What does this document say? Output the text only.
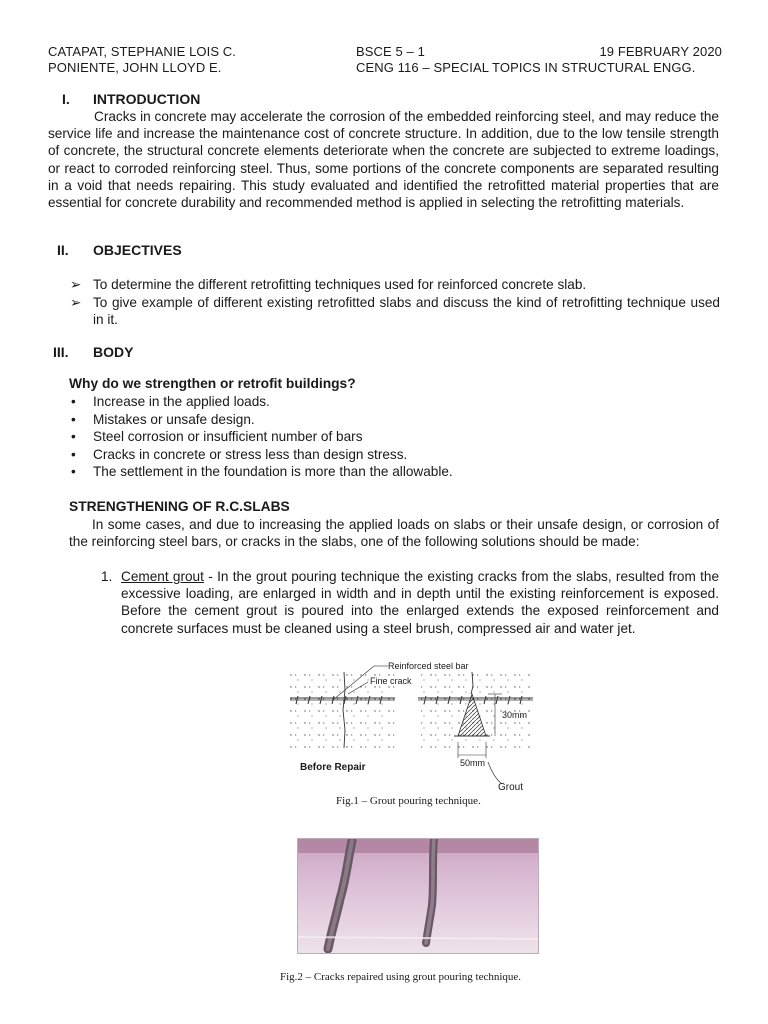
CATAPAT, STEPHANIE LOIS C.
PONIENTE, JOHN LLOYD E.
BSCE 5 – 1
CENG 116 – SPECIAL TOPICS IN STRUCTURAL ENGG.
19 FEBRUARY 2020
I. INTRODUCTION
Cracks in concrete may accelerate the corrosion of the embedded reinforcing steel, and may reduce the service life and increase the maintenance cost of concrete structure. In addition, due to the low tensile strength of concrete, the structural concrete elements deteriorate when the concrete are subjected to extreme loadings, or react to corroded reinforcing steel. Thus, some portions of the concrete components are separated resulting in a void that needs repairing. This study evaluated and identified the retrofitted material properties that are essential for concrete durability and recommended method is applied in selecting the retrofitting materials.
II. OBJECTIVES
➢ To determine the different retrofitting techniques used for reinforced concrete slab.
➢ To give example of different existing retrofitted slabs and discuss the kind of retrofitting technique used in it.
III. BODY
Why do we strengthen or retrofit buildings?
• Increase in the applied loads.
• Mistakes or unsafe design.
• Steel corrosion or insufficient number of bars
• Cracks in concrete or stress less than design stress.
• The settlement in the foundation is more than the allowable.
STRENGTHENING OF R.C.SLABS
In some cases, and due to increasing the applied loads on slabs or their unsafe design, or corrosion of the reinforcing steel bars, or cracks in the slabs, one of the following solutions should be made:
1. Cement grout - In the grout pouring technique the existing cracks from the slabs, resulted from the excessive loading, are enlarged in width and in depth until the existing reinforcement is exposed. Before the cement grout is poured into the enlarged extends the exposed reinforcement and concrete surfaces must be cleaned using a steel brush, compressed air and water jet.
Reinforced steel bar
Fine crack
30mm
50mm
Grout
Before Repair
Fig.1 – Grout pouring technique.
Fig.2 – Cracks repaired using grout pouring technique.
